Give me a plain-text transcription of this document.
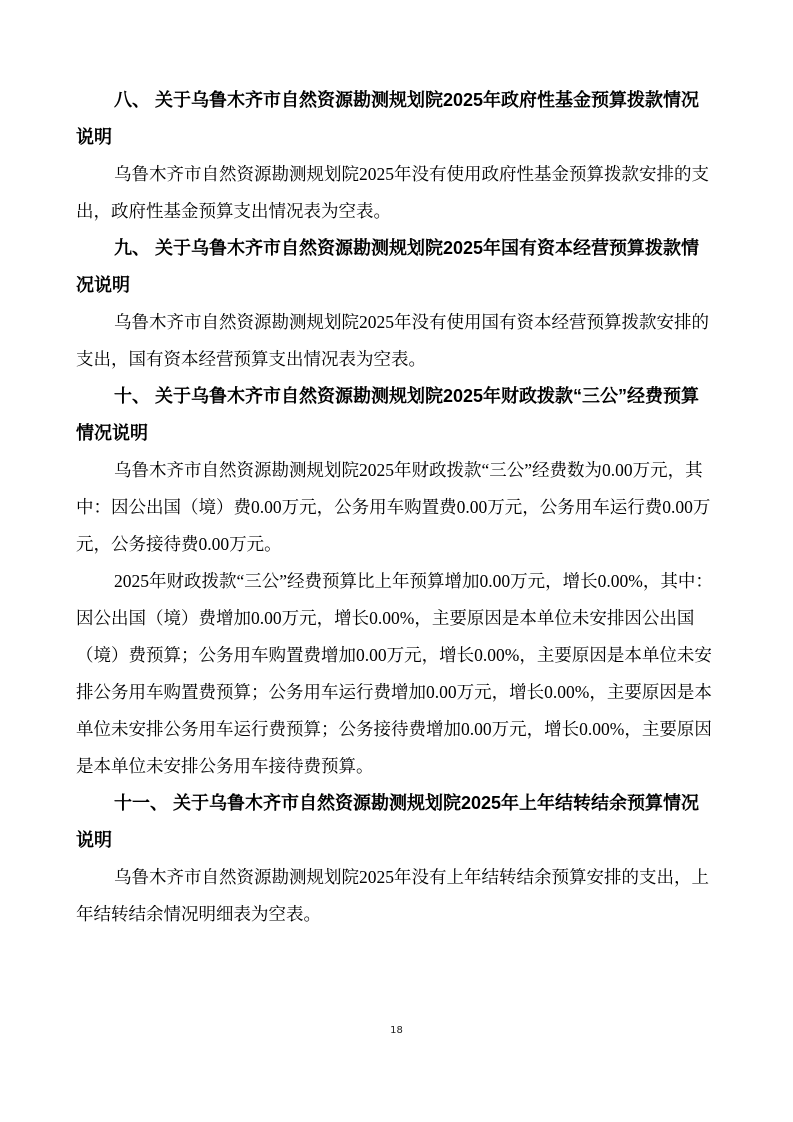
八、 关于乌鲁木齐市自然资源勘测规划院2025年政府性基金预算拨款情况说明

乌鲁木齐市自然资源勘测规划院2025年没有使用政府性基金预算拨款安排的支出，政府性基金预算支出情况表为空表。

九、 关于乌鲁木齐市自然资源勘测规划院2025年国有资本经营预算拨款情况说明

乌鲁木齐市自然资源勘测规划院2025年没有使用国有资本经营预算拨款安排的支出，国有资本经营预算支出情况表为空表。

十、 关于乌鲁木齐市自然资源勘测规划院2025年财政拨款“三公”经费预算情况说明

乌鲁木齐市自然资源勘测规划院2025年财政拨款“三公”经费数为0.00万元，其中：因公出国（境）费0.00万元，公务用车购置费0.00万元，公务用车运行费0.00万元，公务接待费0.00万元。

2025年财政拨款“三公”经费预算比上年预算增加0.00万元，增长0.00%，其中：因公出国（境）费增加0.00万元，增长0.00%，主要原因是本单位未安排因公出国（境）费预算；公务用车购置费增加0.00万元，增长0.00%，主要原因是本单位未安排公务用车购置费预算；公务用车运行费增加0.00万元，增长0.00%，主要原因是本单位未安排公务用车运行费预算；公务接待费增加0.00万元，增长0.00%，主要原因是本单位未安排公务用车接待费预算。

十一、 关于乌鲁木齐市自然资源勘测规划院2025年上年结转结余预算情况说明

乌鲁木齐市自然资源勘测规划院2025年没有上年结转结余预算安排的支出，上年结转结余情况明细表为空表。

18
